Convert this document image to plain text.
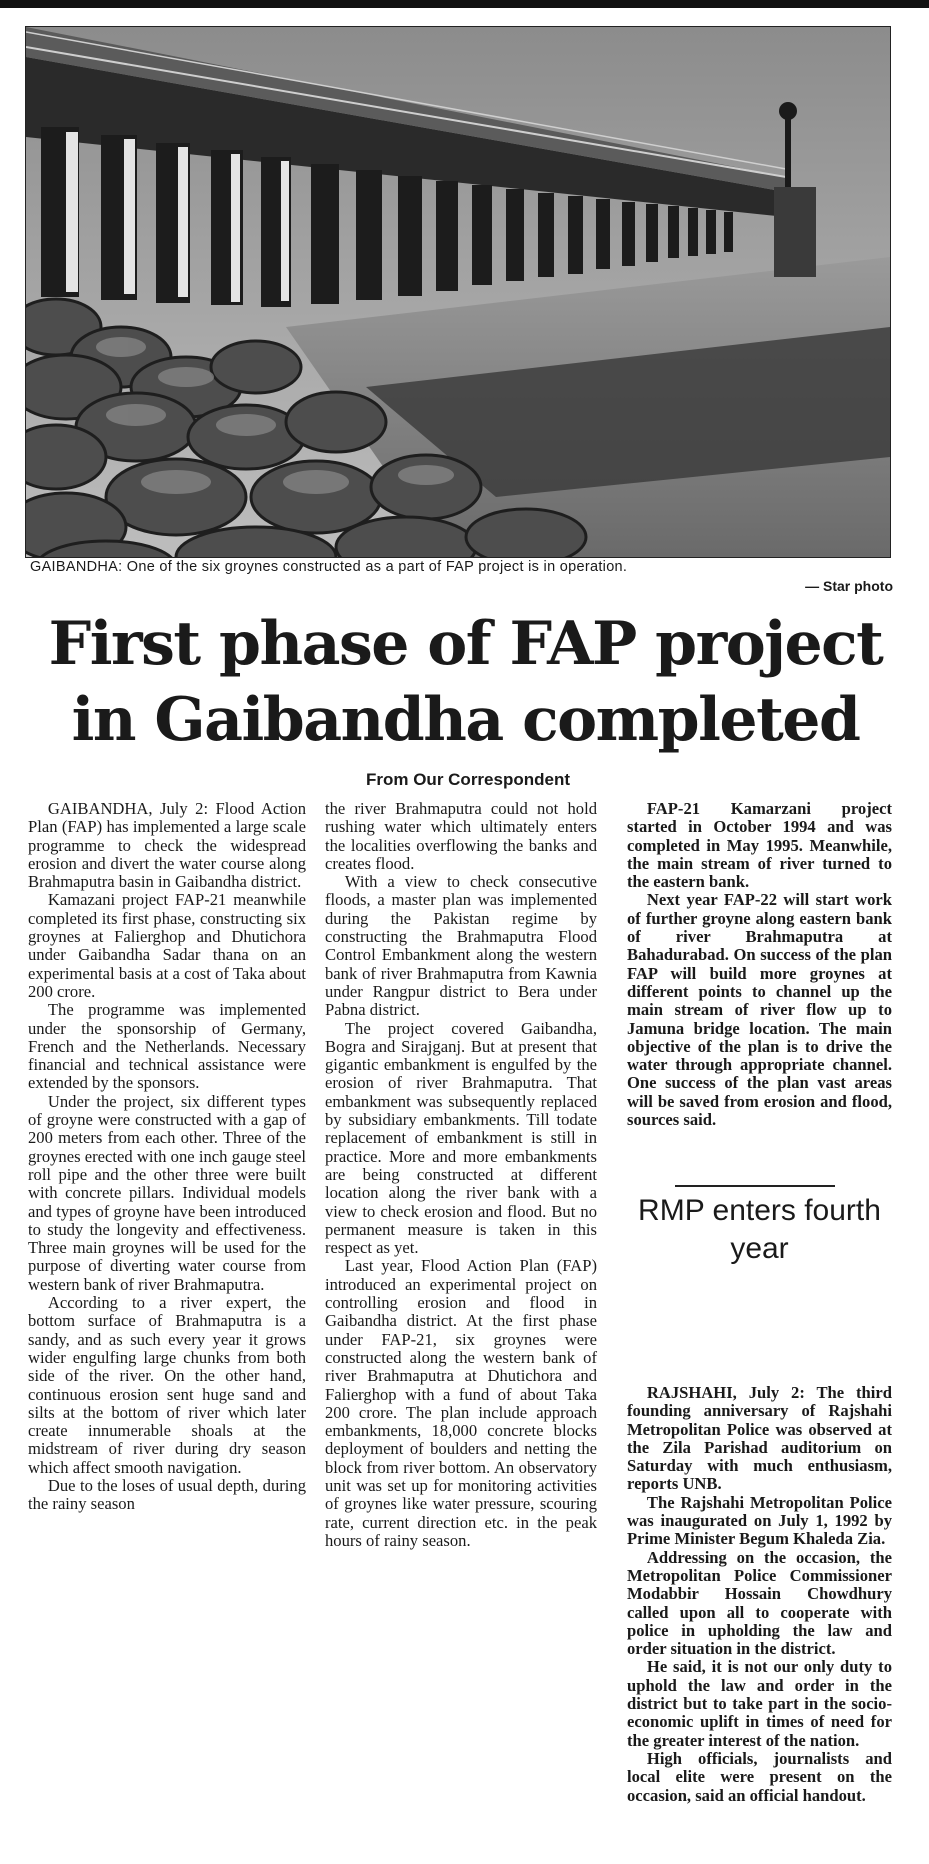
GAIBANDHA: One of the six groynes constructed as a part of FAP project is in operation.
— Star photo
First phase of FAP project in Gaibandha completed
From Our Correspondent

GAIBANDHA, July 2: Flood Action Plan (FAP) has implemented a large scale programme to check the widespread erosion and divert the water course along Brahmaputra basin in Gaibandha district.

Kamazani project FAP-21 meanwhile completed its first phase, constructing six groynes at Falierghop and Dhutichora under Gaibandha Sadar thana on an experimental basis at a cost of Taka about 200 crore.

The programme was implemented under the sponsorship of Germany, French and the Netherlands. Necessary financial and technical assistance were extended by the sponsors.

Under the project, six different types of groyne were constructed with a gap of 200 meters from each other. Three of the groynes erected with one inch gauge steel roll pipe and the other three were built with concrete pillars. Individual models and types of groyne have been introduced to study the longevity and effectiveness. Three main groynes will be used for the purpose of diverting water course from western bank of river Brahmaputra.

According to a river expert, the bottom surface of Brahmaputra is a sandy, and as such every year it grows wider engulfing large chunks from both side of the river. On the other hand, continuous erosion sent huge sand and silts at the bottom of river which later create innumerable shoals at the midstream of river during dry season which affect smooth navigation.

Due to the loses of usual depth, during the rainy season

the river Brahmaputra could not hold rushing water which ultimately enters the localities overflowing the banks and creates flood.

With a view to check consecutive floods, a master plan was implemented during the Pakistan regime by constructing the Brahmaputra Flood Control Embankment along the western bank of river Brahmaputra from Kawnia under Rangpur district to Bera under Pabna district.

The project covered Gaibandha, Bogra and Sirajganj. But at present that gigantic embankment is engulfed by the erosion of river Brahmaputra. That embankment was subsequently replaced by subsidiary embankments. Till todate replacement of embankment is still in practice. More and more embankments are being constructed at different location along the river bank with a view to check erosion and flood. But no permanent measure is taken in this respect as yet.

Last year, Flood Action Plan (FAP) introduced an experimental project on controlling erosion and flood in Gaibandha district. At the first phase under FAP-21, six groynes were constructed along the western bank of river Brahmaputra at Dhutichora and Falierghop with a fund of about Taka 200 crore. The plan include approach embankments, 18,000 concrete blocks deployment of boulders and netting the block from river bottom. An observatory unit was set up for monitoring activities of groynes like water pressure, scouring rate, current direction etc. in the peak hours of rainy season.

FAP-21 Kamarzani project started in October 1994 and was completed in May 1995. Meanwhile, the main stream of river turned to the eastern bank.

Next year FAP-22 will start work of further groyne along eastern bank of river Brahmaputra at Bahadurabad. On success of the plan FAP will build more groynes at different points to channel up the main stream of river flow up to Jamuna bridge location. The main objective of the plan is to drive the water through appropriate channel. One success of the plan vast areas will be saved from erosion and flood, sources said.

RMP enters fourth year

RAJSHAHI, July 2: The third founding anniversary of Rajshahi Metropolitan Police was observed at the Zila Parishad auditorium on Saturday with much enthusiasm, reports UNB.

The Rajshahi Metropolitan Police was inaugurated on July 1, 1992 by Prime Minister Begum Khaleda Zia.

Addressing on the occasion, the Metropolitan Police Commissioner Modabbir Hossain Chowdhury called upon all to cooperate with police in upholding the law and order situation in the district.

He said, it is not our only duty to uphold the law and order in the district but to take part in the socio-economic uplift in times of need for the greater interest of the nation.

High officials, journalists and local elite were present on the occasion, said an official handout.
